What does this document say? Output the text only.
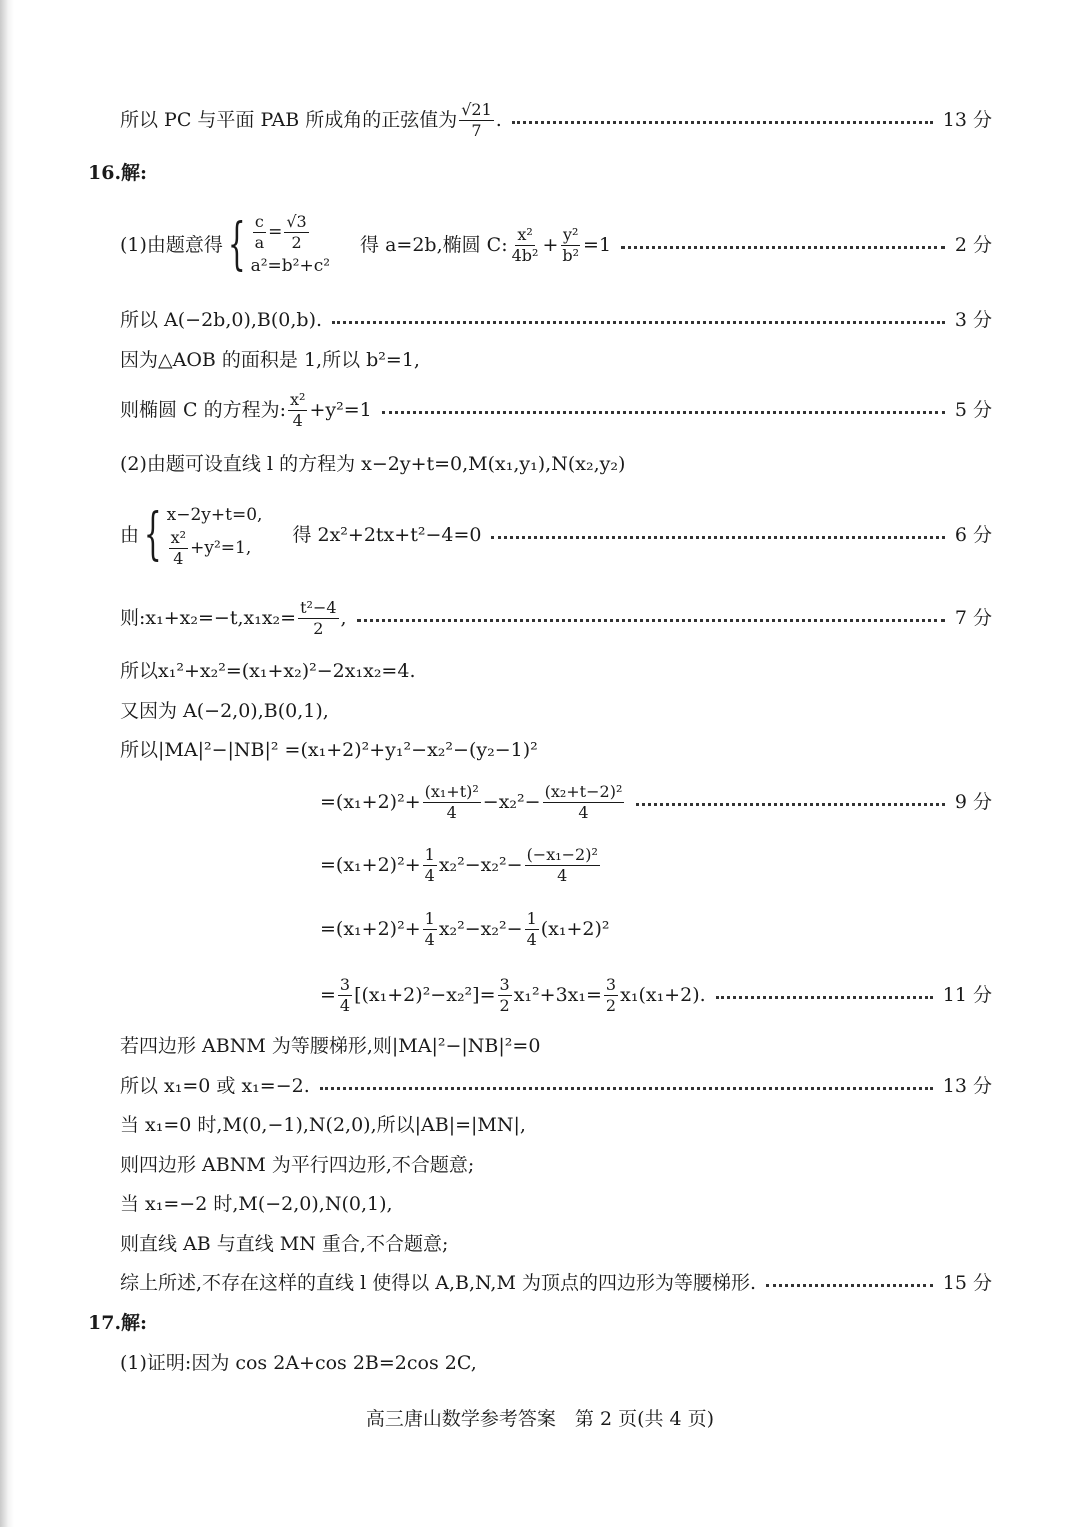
所以 PC 与平面 PAB 所成角的正弦值为 $\frac{√21}{7}$ .	13 分
16.解:
(1)由题意得 { $\frac{c}{a} = \frac{√3}{2}$
a²=b²+c²
得 a=2b,椭圆 C: $\frac{\text{x²}}{\text{4b²}} + \frac{\text{y²}}{\text{b²}} =1$	2 分
所以 A(−2b,0),B(0,b).	3 分
因为△AOB 的面积是 1,所以 b²=1,
则椭圆 C 的方程为: $\frac{\text{x²}}{4} +y^2=1$	5 分
(2)由题可设直线 l 的方程为 x−2y+t=0,M(x₁,y₁),N(x₂,y₂)
由 { x−2y+t=0,
$\frac{\text{x²}}{4} +y^2=1$,
得 2x²+2tx+t²−4=0	6 分
则:x₁+x₂=−t,x₁x₂= $\frac{\text{t²−4}}{2}$ ,	7 分
所以x₁²+x₂²=(x₁+x₂)²−2x₁x₂=4.
又因为 A(−2,0),B(0,1),
所以|MA|²−|NB|² =(x₁+2)²+y₁²−x₂²−(y₂−1)²
$=(x_1+2)^2+ \frac{\text{(x₁+t)²}}{4} -x_2^2- \frac{\text{(x₂+t−2)²}}{4}$	9 分
$=(x_1+2)^2+ \frac{1}{4} x_2^2-x_2^2- \frac{\text{(−x₁−2)²}}{4}$
$=(x_1+2)^2+ \frac{1}{4} x_2^2-x_2^2- \frac{1}{4} (x_1+2)^2$
= $\frac{3}{4} [(x_1+2)^2-x_2^2]= \frac{3}{2} x_1^2+3x_1= \frac{3}{2} x_1(x_1+2)$.	11 分
若四边形 ABNM 为等腰梯形,则|MA|²−|NB|²=0
所以 x₁=0 或 x₁=−2.	13 分
当 x₁=0 时,M(0,−1),N(2,0),所以|AB|=|MN|,
则四边形 ABNM 为平行四边形,不合题意;
当 x₁=−2 时,M(−2,0),N(0,1),
则直线 AB 与直线 MN 重合,不合题意;
综上所述,不存在这样的直线 l 使得以 A,B,N,M 为顶点的四边形为等腰梯形.	15 分
17.解:
(1)证明:因为 cos 2A+cos 2B=2cos 2C,
高三唐山数学参考答案　第 2 页(共 4 页)
